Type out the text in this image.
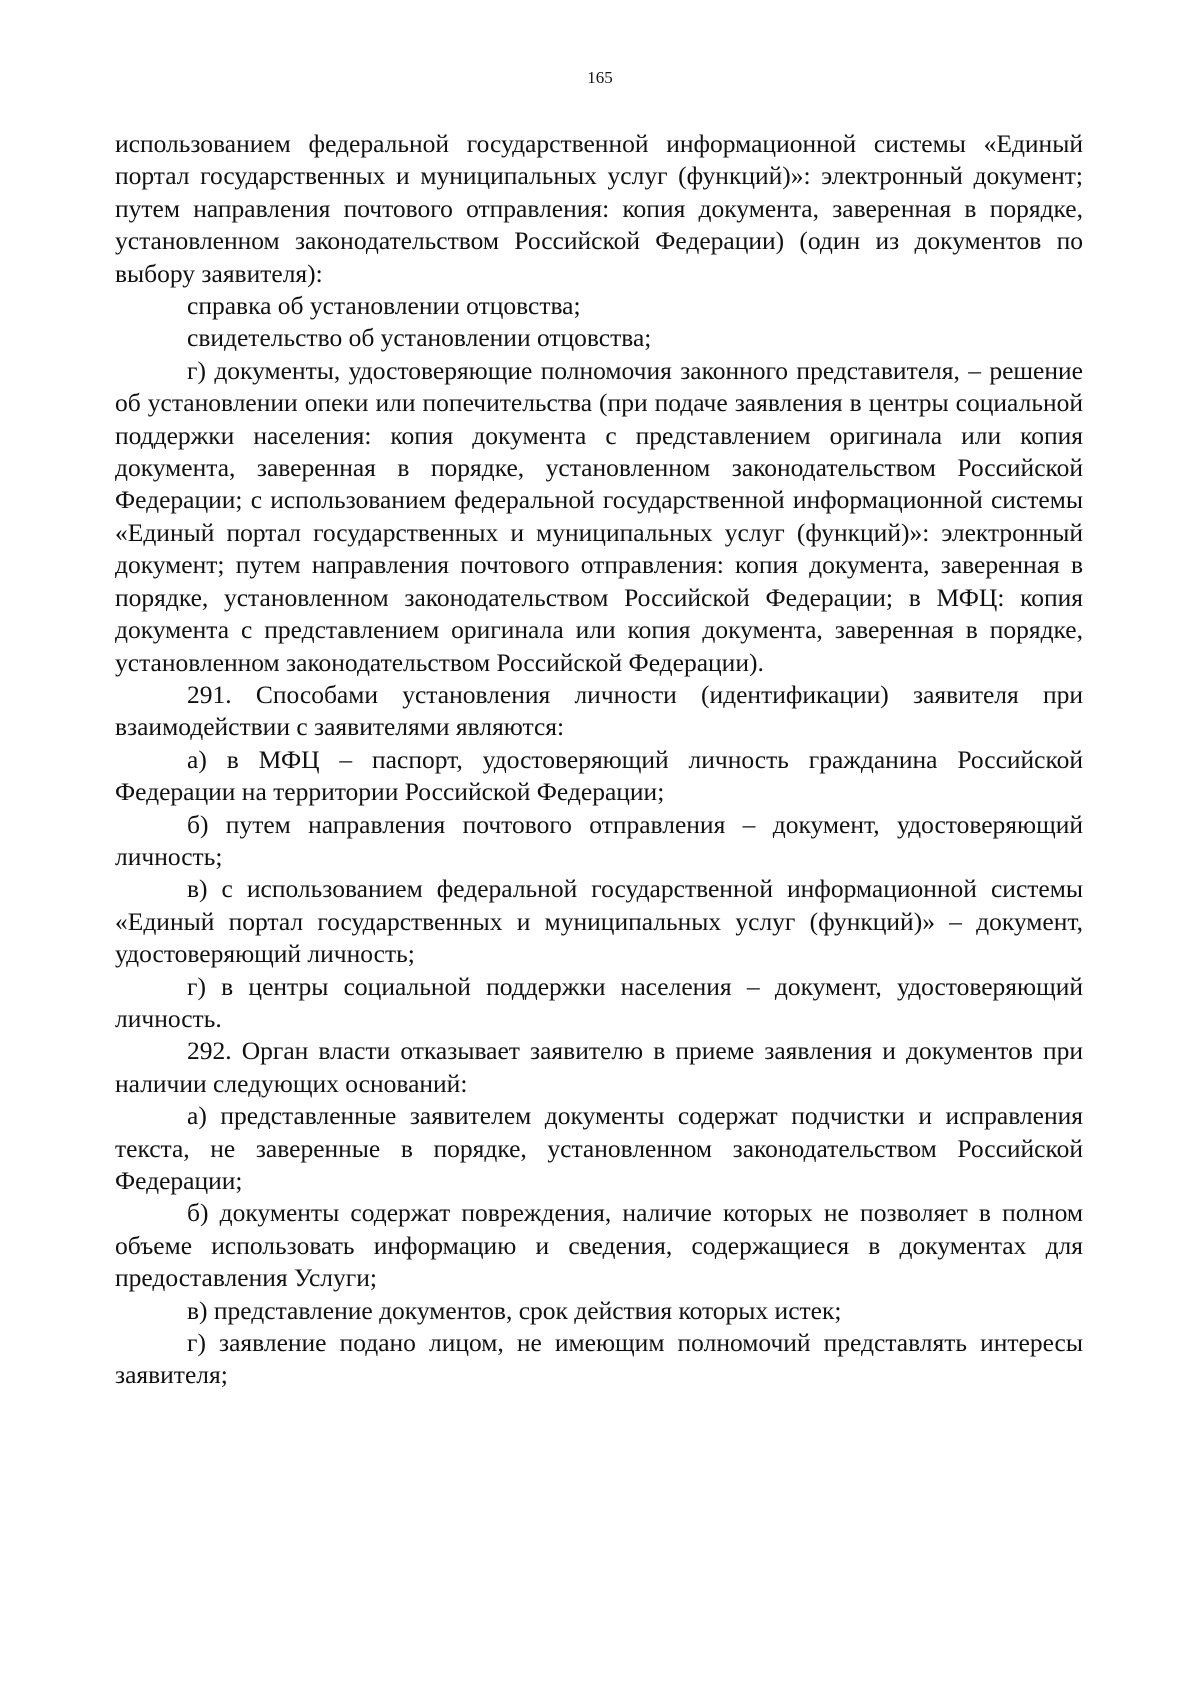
165

использованием федеральной государственной информационной системы «Единый портал государственных и муниципальных услуг (функций)»: электронный документ; путем направления почтового отправления: копия документа, заверенная в порядке, установленном законодательством Российской Федерации) (один из документов по выбору заявителя):

справка об установлении отцовства;

свидетельство об установлении отцовства;

г) документы, удостоверяющие полномочия законного представителя, – решение об установлении опеки или попечительства (при подаче заявления в центры социальной поддержки населения: копия документа с представлением оригинала или копия документа, заверенная в порядке, установленном законодательством Российской Федерации; с использованием федеральной государственной информационной системы «Единый портал государственных и муниципальных услуг (функций)»: электронный документ; путем направления почтового отправления: копия документа, заверенная в порядке, установленном законодательством Российской Федерации; в МФЦ: копия документа с представлением оригинала или копия документа, заверенная в порядке, установленном законодательством Российской Федерации).

291. Способами установления личности (идентификации) заявителя при взаимодействии с заявителями являются:

а) в МФЦ – паспорт, удостоверяющий личность гражданина Российской Федерации на территории Российской Федерации;

б) путем направления почтового отправления – документ, удостоверяющий личность;

в) с использованием федеральной государственной информационной системы «Единый портал государственных и муниципальных услуг (функций)» – документ, удостоверяющий личность;

г) в центры социальной поддержки населения – документ, удостоверяющий личность.

292. Орган власти отказывает заявителю в приеме заявления и документов при наличии следующих оснований:

а) представленные заявителем документы содержат подчистки и исправления текста, не заверенные в порядке, установленном законодательством Российской Федерации;

б) документы содержат повреждения, наличие которых не позволяет в полном объеме использовать информацию и сведения, содержащиеся в документах для предоставления Услуги;

в) представление документов, срок действия которых истек;

г) заявление подано лицом, не имеющим полномочий представлять интересы заявителя;
